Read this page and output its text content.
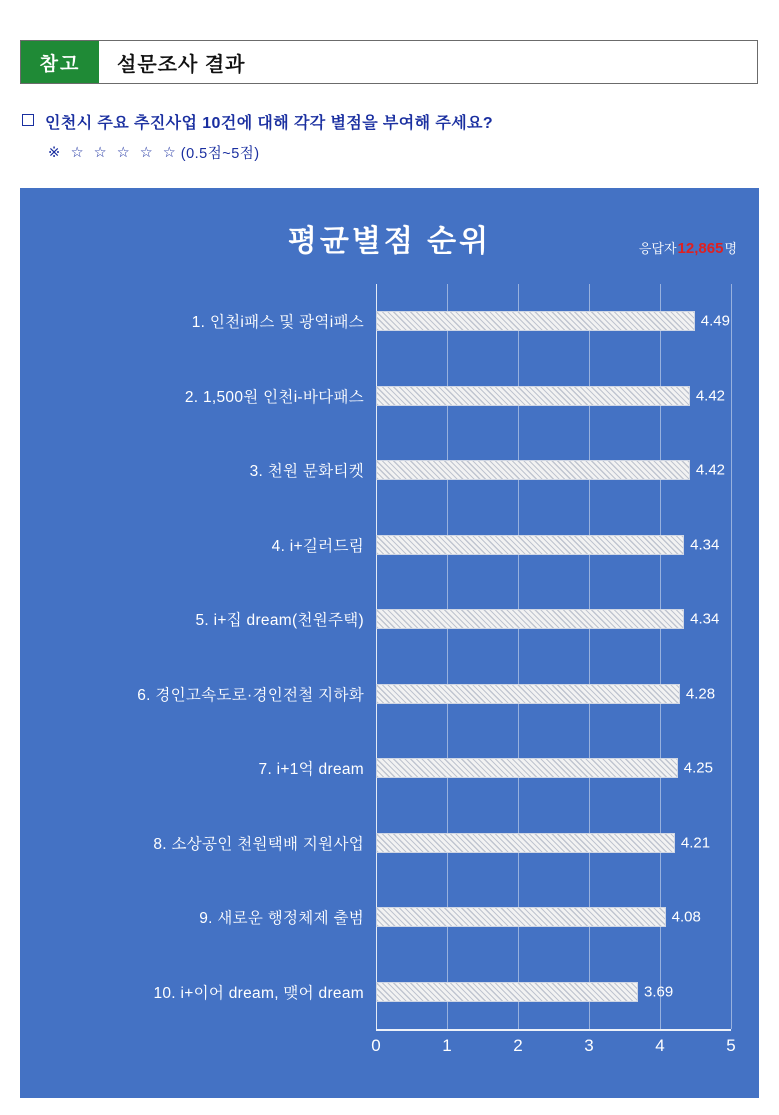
참고	설문조사 결과
인천시 주요 추진사업 10건에 대해 각각 별점을 부여해 주세요?
※ ☆ ☆ ☆ ☆ ☆ (0.5점~5점)
평균별점 순위	응답자12,865명
1. 인천i패스 및 광역i패스	4.49
2. 1,500원 인천i-바다패스	4.42
3. 천원 문화티켓	4.42
4. i+길러드림	4.34
5. i+집 dream(천원주택)	4.34
6. 경인고속도로·경인전철 지하화	4.28
7. i+1억 dream	4.25
8. 소상공인 천원택배 지원사업	4.21
9. 새로운 행정체제 출범	4.08
10. i+이어 dream, 맺어 dream	3.69
0	1	2	3	4	5
